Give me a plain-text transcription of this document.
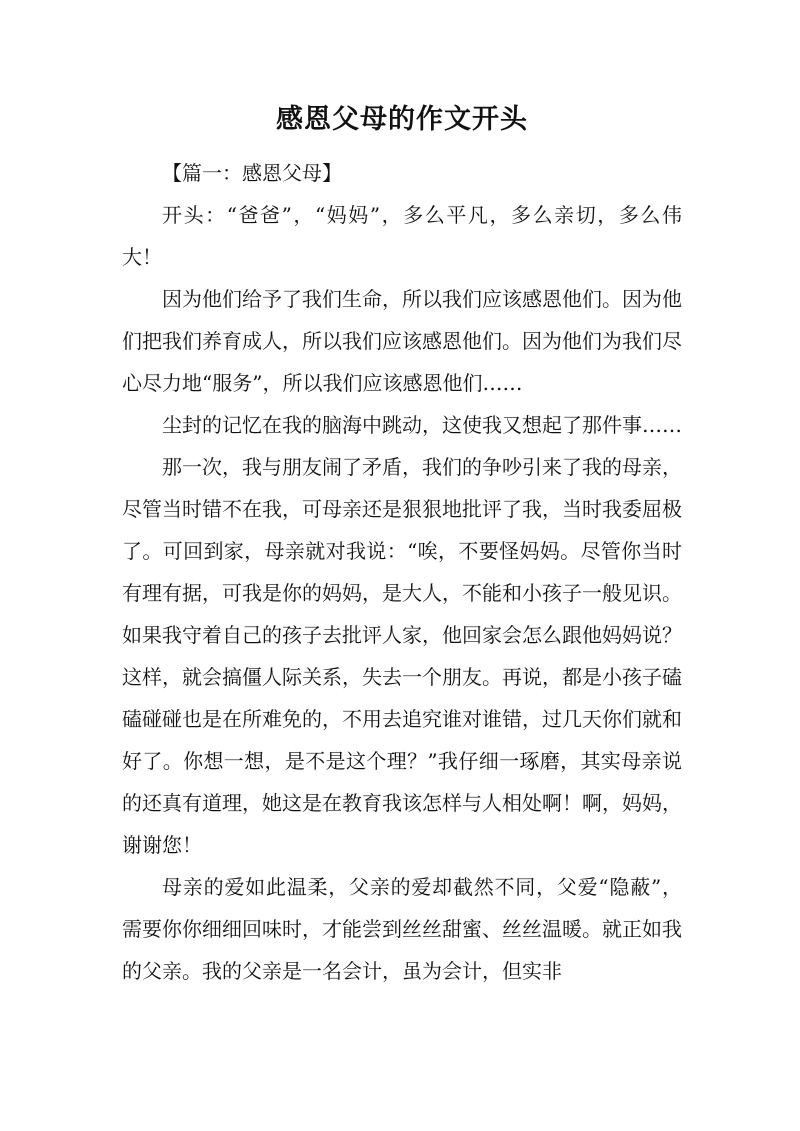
感恩父母的作文开头

【篇一：感恩父母】

开头：“爸爸”，“妈妈”，多么平凡，多么亲切，多么伟大！

因为他们给予了我们生命，所以我们应该感恩他们。因为他们把我们养育成人，所以我们应该感恩他们。因为他们为我们尽心尽力地“服务”，所以我们应该感恩他们……

尘封的记忆在我的脑海中跳动，这使我又想起了那件事……

那一次，我与朋友闹了矛盾，我们的争吵引来了我的母亲，尽管当时错不在我，可母亲还是狠狠地批评了我，当时我委屈极了。可回到家，母亲就对我说：“唉，不要怪妈妈。尽管你当时有理有据，可我是你的妈妈，是大人，不能和小孩子一般见识。如果我守着自己的孩子去批评人家，他回家会怎么跟他妈妈说？这样，就会搞僵人际关系，失去一个朋友。再说，都是小孩子磕磕碰碰也是在所难免的，不用去追究谁对谁错，过几天你们就和好了。你想一想，是不是这个理？”我仔细一琢磨，其实母亲说的还真有道理，她这是在教育我该怎样与人相处啊！啊，妈妈，谢谢您！

母亲的爱如此温柔，父亲的爱却截然不同，父爱“隐蔽”，需要你你细细回味时，才能尝到丝丝甜蜜、丝丝温暖。就正如我的父亲。我的父亲是一名会计，虽为会计，但实非
